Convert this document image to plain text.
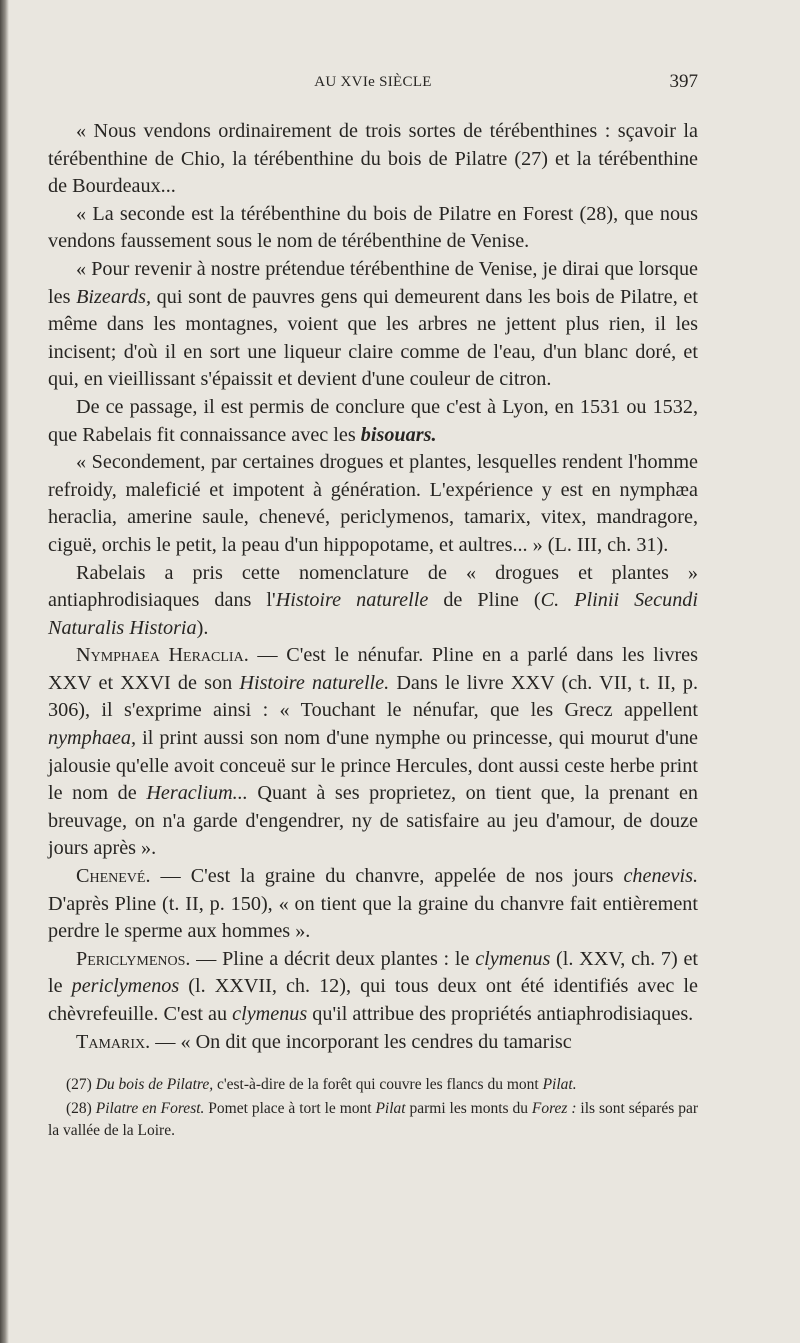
AU XVIe SIÈCLE	397

« Nous vendons ordinairement de trois sortes de térébenthines : sçavoir la térébenthine de Chio, la térébenthine du bois de Pilatre (27) et la térébenthine de Bourdeaux...

« La seconde est la térébenthine du bois de Pilatre en Forest (28), que nous vendons faussement sous le nom de térébenthine de Venise.

« Pour revenir à nostre prétendue térébenthine de Venise, je dirai que lorsque les Bizeards, qui sont de pauvres gens qui demeurent dans les bois de Pilatre, et même dans les montagnes, voient que les arbres ne jettent plus rien, il les incisent; d'où il en sort une liqueur claire comme de l'eau, d'un blanc doré, et qui, en vieillissant s'épaissit et devient d'une couleur de citron.

De ce passage, il est permis de conclure que c'est à Lyon, en 1531 ou 1532, que Rabelais fit connaissance avec les bisouars.

« Secondement, par certaines drogues et plantes, lesquelles rendent l'homme refroidy, maleficié et impotent à génération. L'expérience y est en nymphæa heraclia, amerine saule, chenevé, periclymenos, tamarix, vitex, mandragore, ciguë, orchis le petit, la peau d'un hippopotame, et aultres... » (L. III, ch. 31).

Rabelais a pris cette nomenclature de « drogues et plantes » antiaphrodisiaques dans l'Histoire naturelle de Pline (C. Plinii Secundi Naturalis Historia).

Nymphaea Heraclia. — C'est le nénufar. Pline en a parlé dans les livres XXV et XXVI de son Histoire naturelle. Dans le livre XXV (ch. VII, t. II, p. 306), il s'exprime ainsi : « Touchant le nénufar, que les Grecz appellent nymphaea, il print aussi son nom d'une nymphe ou princesse, qui mourut d'une jalousie qu'elle avoit conceuë sur le prince Hercules, dont aussi ceste herbe print le nom de Heraclium... Quant à ses proprietez, on tient que, la prenant en breuvage, on n'a garde d'engendrer, ny de satisfaire au jeu d'amour, de douze jours après ».

Chenevé. — C'est la graine du chanvre, appelée de nos jours chenevis. D'après Pline (t. II, p. 150), « on tient que la graine du chanvre fait entièrement perdre le sperme aux hommes ».

Periclymenos. — Pline a décrit deux plantes : le clymenus (l. XXV, ch. 7) et le periclymenos (l. XXVII, ch. 12), qui tous deux ont été identifiés avec le chèvrefeuille. C'est au clymenus qu'il attribue des propriétés antiaphrodisiaques.

Tamarix. — « On dit que incorporant les cendres du tamarisc

(27) Du bois de Pilatre, c'est-à-dire de la forêt qui couvre les flancs du mont Pilat.

(28) Pilatre en Forest. Pomet place à tort le mont Pilat parmi les monts du Forez : ils sont séparés par la vallée de la Loire.
